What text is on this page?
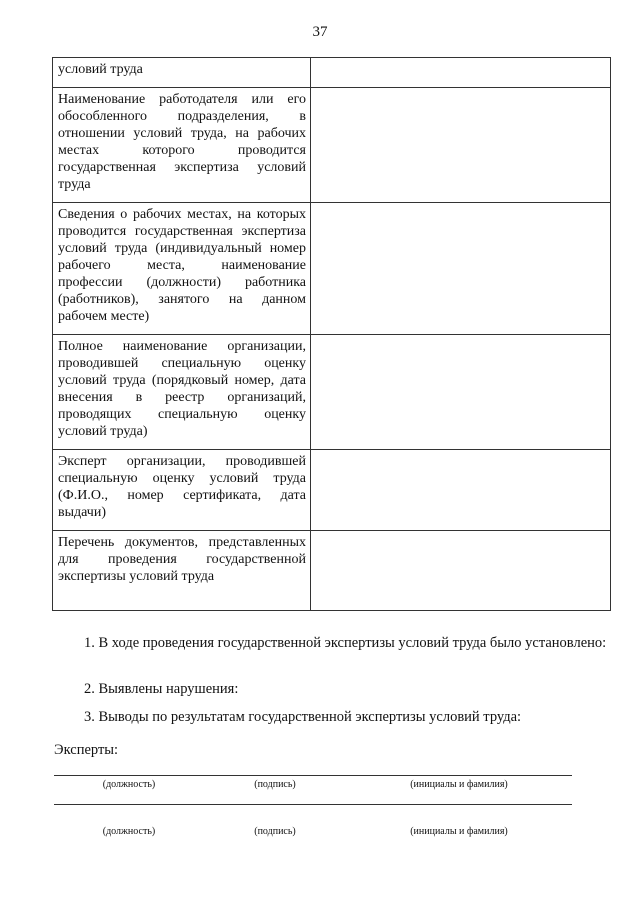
37
условий труда	
Наименование работодателя или его обособленного подразделения, в отношении условий труда, на рабочих местах которого проводится государственная экспертиза условий труда	
Сведения о рабочих местах, на которых проводится государственная экспертиза условий труда (индивидуальный номер рабочего места, наименование профессии (должности) работника (работников), занятого на данном рабочем месте)	
Полное наименование организации, проводившей специальную оценку условий труда (порядковый номер, дата внесения в реестр организаций, проводящих специальную оценку условий труда)	
Эксперт организации, проводившей специальную оценку условий труда (Ф.И.О., номер сертификата, дата выдачи)	
Перечень документов, представленных для проведения государственной экспертизы условий труда	
1. В ходе проведения государственной экспертизы условий труда было установлено:
2. Выявлены нарушения:
3. Выводы по результатам государственной экспертизы условий труда:
Эксперты:
(должность)	(подпись)	(инициалы и фамилия)
(должность)	(подпись)	(инициалы и фамилия)
